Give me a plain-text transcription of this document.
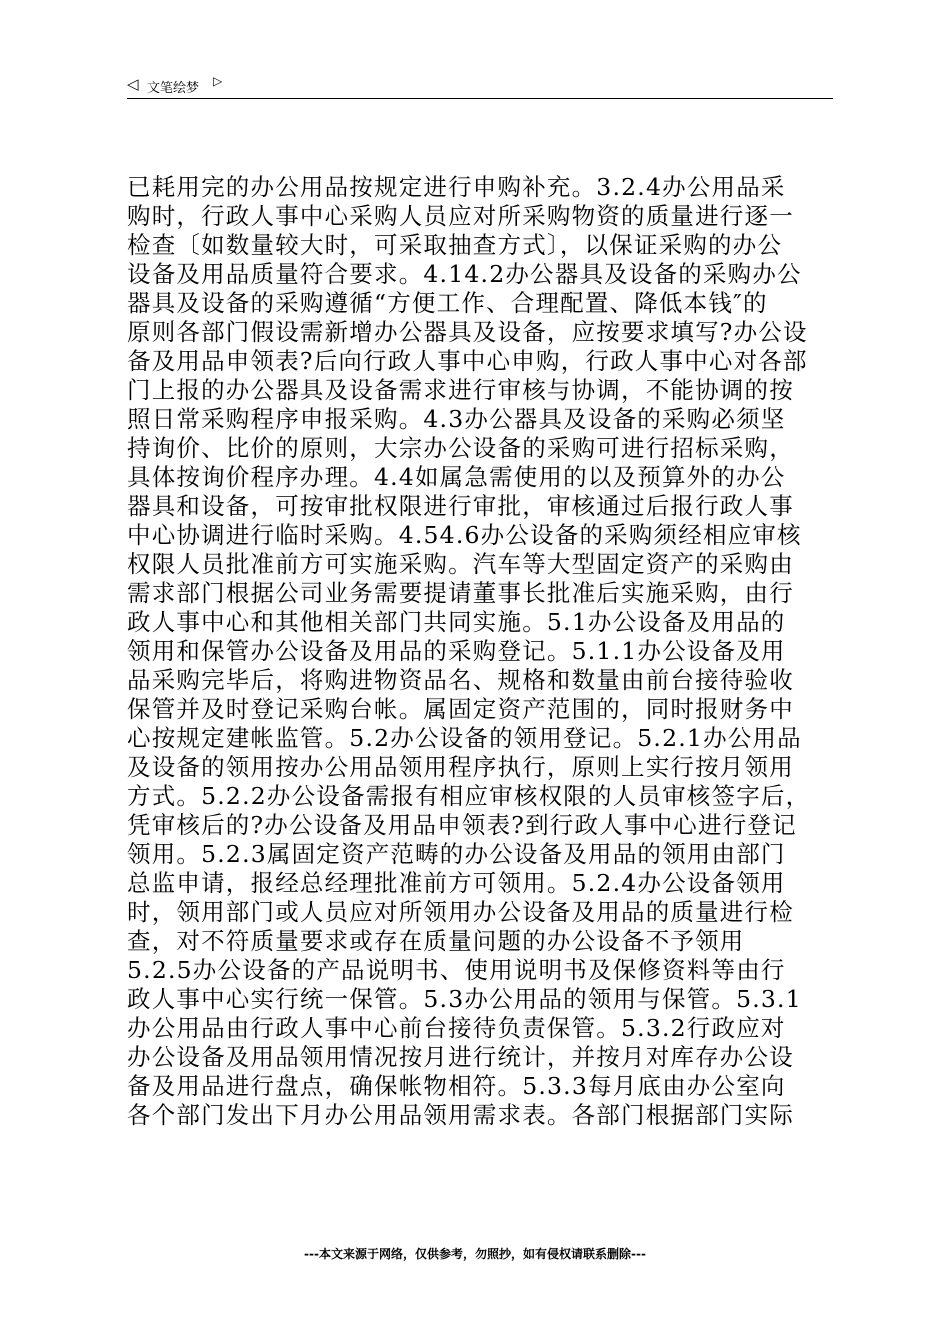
◁ 文笔绘梦 ▷
已耗用完的办公用品按规定进行申购补充。3.2.4办公用品采
购时，行政人事中心采购人员应对所采购物资的质量进行逐一
检查〔如数量较大时，可采取抽查方式〕，以保证采购的办公
设备及用品质量符合要求。4.14.2办公器具及设备的采购办公
器具及设备的采购遵循“方便工作、合理配置、降低本钱″的
原则各部门假设需新增办公器具及设备，应按要求填写?办公设
备及用品申领表?后向行政人事中心申购，行政人事中心对各部
门上报的办公器具及设备需求进行审核与协调，不能协调的按
照日常采购程序申报采购。4.3办公器具及设备的采购必须坚
持询价、比价的原则，大宗办公设备的采购可进行招标采购，
具体按询价程序办理。4.4如属急需使用的以及预算外的办公
器具和设备，可按审批权限进行审批，审核通过后报行政人事
中心协调进行临时采购。4.54.6办公设备的采购须经相应审核
权限人员批准前方可实施采购。汽车等大型固定资产的采购由
需求部门根据公司业务需要提请董事长批准后实施采购，由行
政人事中心和其他相关部门共同实施。5.1办公设备及用品的
领用和保管办公设备及用品的采购登记。5.1.1办公设备及用
品采购完毕后，将购进物资品名、规格和数量由前台接待验收
保管并及时登记采购台帐。属固定资产范围的，同时报财务中
心按规定建帐监管。5.2办公设备的领用登记。5.2.1办公用品
及设备的领用按办公用品领用程序执行，原则上实行按月领用
方式。5.2.2办公设备需报有相应审核权限的人员审核签字后，
凭审核后的?办公设备及用品申领表?到行政人事中心进行登记
领用。5.2.3属固定资产范畴的办公设备及用品的领用由部门
总监申请，报经总经理批准前方可领用。5.2.4办公设备领用
时，领用部门或人员应对所领用办公设备及用品的质量进行检
查，对不符质量要求或存在质量问题的办公设备不予领用
5.2.5办公设备的产品说明书、使用说明书及保修资料等由行
政人事中心实行统一保管。5.3办公用品的领用与保管。5.3.1
办公用品由行政人事中心前台接待负责保管。5.3.2行政应对
办公设备及用品领用情况按月进行统计，并按月对库存办公设
备及用品进行盘点，确保帐物相符。5.3.3每月底由办公室向
各个部门发出下月办公用品领用需求表。各部门根据部门实际
---本文来源于网络，仅供参考，勿照抄，如有侵权请联系删除---
